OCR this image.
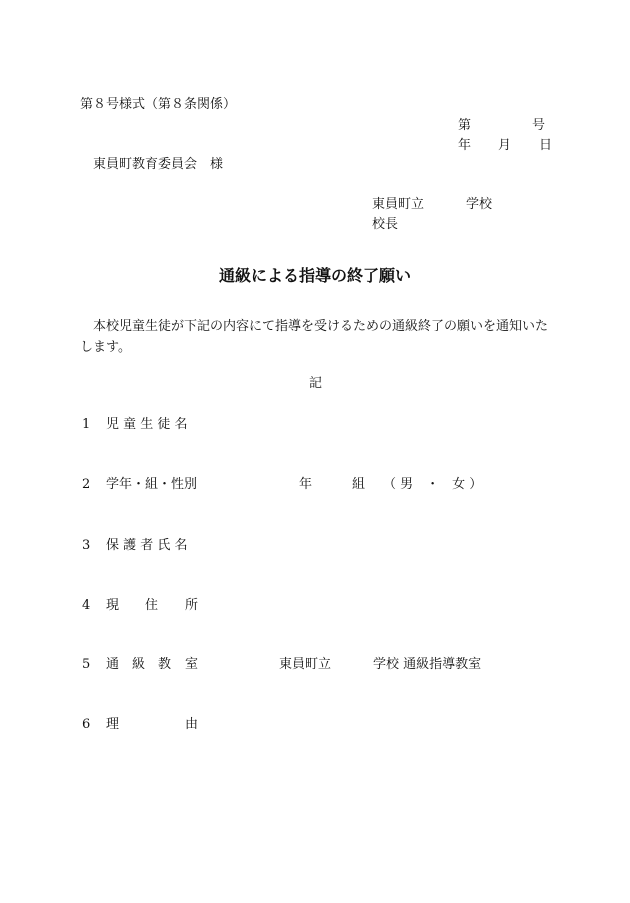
第８号様式（第８条関係）
第	号
年 月 日
東員町教育委員会　様
東員町立	学校
校長
通級による指導の終了願い
本校児童生徒が下記の内容にて指導を受けるための通級終了の願いを通知いたします。
記
1 児 童 生 徒 名
2 学年・組・性別	年	組 （ 男　・　女 ）
3 保 護 者 氏 名
4 現 住 所
5 通 級 教 室	東員町立	学校 通級指導教室
6 理	由
